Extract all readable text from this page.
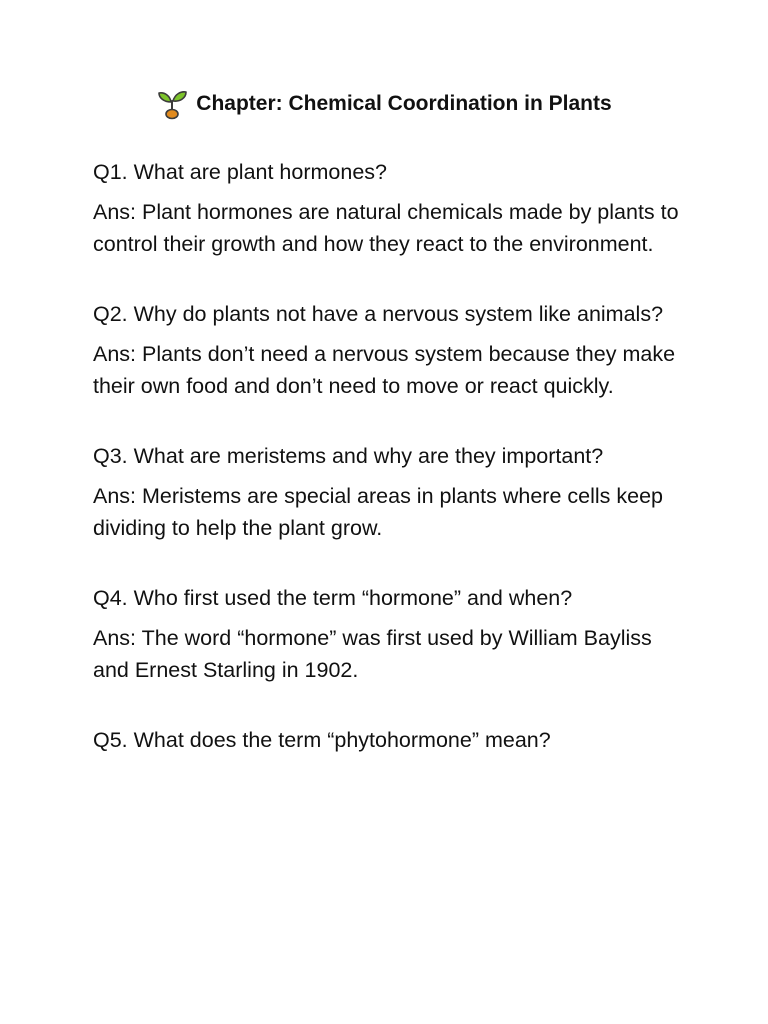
Chapter: Chemical Coordination in Plants

Q1. What are plant hormones?

Ans: Plant hormones are natural chemicals made by plants to control their growth and how they react to the environment.

Q2. Why do plants not have a nervous system like animals?

Ans: Plants don’t need a nervous system because they make their own food and don’t need to move or react quickly.

Q3. What are meristems and why are they important?

Ans: Meristems are special areas in plants where cells keep dividing to help the plant grow.

Q4. Who first used the term “hormone” and when?

Ans: The word “hormone” was first used by William Bayliss and Ernest Starling in 1902.

Q5. What does the term “phytohormone” mean?
